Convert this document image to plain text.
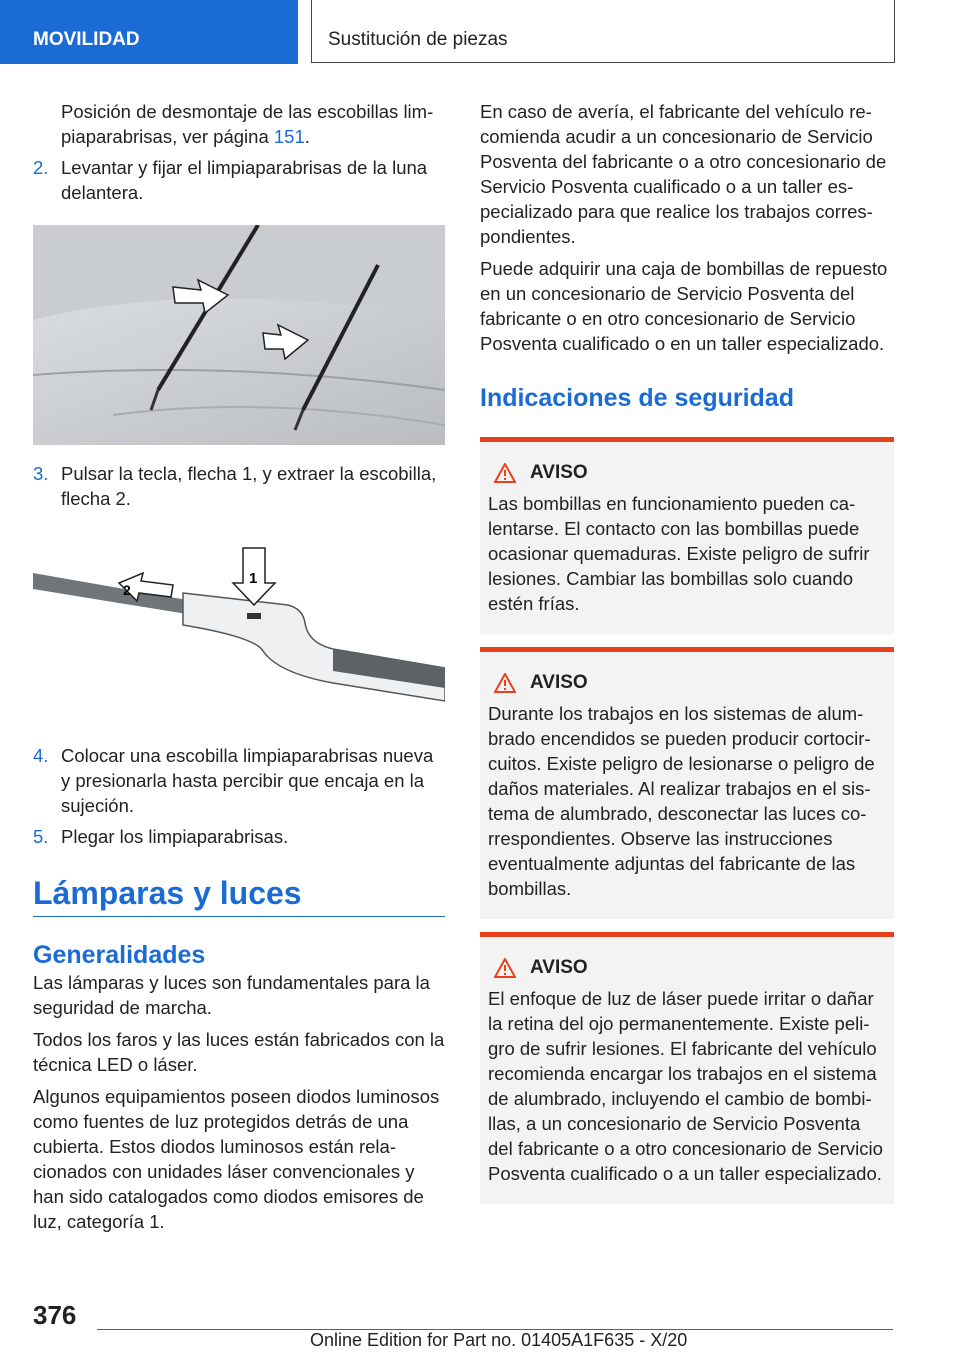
MOVILIDAD	Sustitución de piezas

Posición de desmontaje de las escobillas limpiaparabrisas, ver página 151.

2. Levantar y fijar el limpiaparabrisas de la luna delantera.
3. Pulsar la tecla, flecha 1, y extraer la escobilla, flecha 2.
2
1
4. Colocar una escobilla limpiaparabrisas nueva y presionarla hasta percibir que encaja en la sujeción.
5. Plegar los limpiaparabrisas.
Lámparas y luces
Generalidades

Las lámparas y luces son fundamentales para la seguridad de marcha.

Todos los faros y las luces están fabricados con la técnica LED o láser.

Algunos equipamientos poseen diodos luminosos como fuentes de luz protegidos detrás de una cubierta. Estos diodos luminosos están relacionados con unidades láser convencionales y han sido catalogados como diodos emisores de luz, categoría 1.

En caso de avería, el fabricante del vehículo recomienda acudir a un concesionario de Servicio Posventa del fabricante o a otro concesionario de Servicio Posventa cualificado o a un taller especializado para que realice los trabajos correspondientes.

Puede adquirir una caja de bombillas de repuesto en un concesionario de Servicio Posventa del fabricante o en otro concesionario de Servicio Posventa cualificado o en un taller especializado.

Indicaciones de seguridad
AVISO

Las bombillas en funcionamiento pueden calentarse. El contacto con las bombillas puede ocasionar quemaduras. Existe peligro de sufrir lesiones. Cambiar las bombillas solo cuando estén frías.

AVISO

Durante los trabajos en los sistemas de alumbrado encendidos se pueden producir cortocircuitos. Existe peligro de lesionarse o peligro de daños materiales. Al realizar trabajos en el sistema de alumbrado, desconectar las luces correspondientes. Observe las instrucciones eventualmente adjuntas del fabricante de las bombillas.

AVISO

El enfoque de luz de láser puede irritar o dañar la retina del ojo permanentemente. Existe peligro de sufrir lesiones. El fabricante del vehículo recomienda encargar los trabajos en el sistema de alumbrado, incluyendo el cambio de bombillas, a un concesionario de Servicio Posventa del fabricante o a otro concesionario de Servicio Posventa cualificado o a un taller especializado.

376
Online Edition for Part no. 01405A1F635 - X/20
